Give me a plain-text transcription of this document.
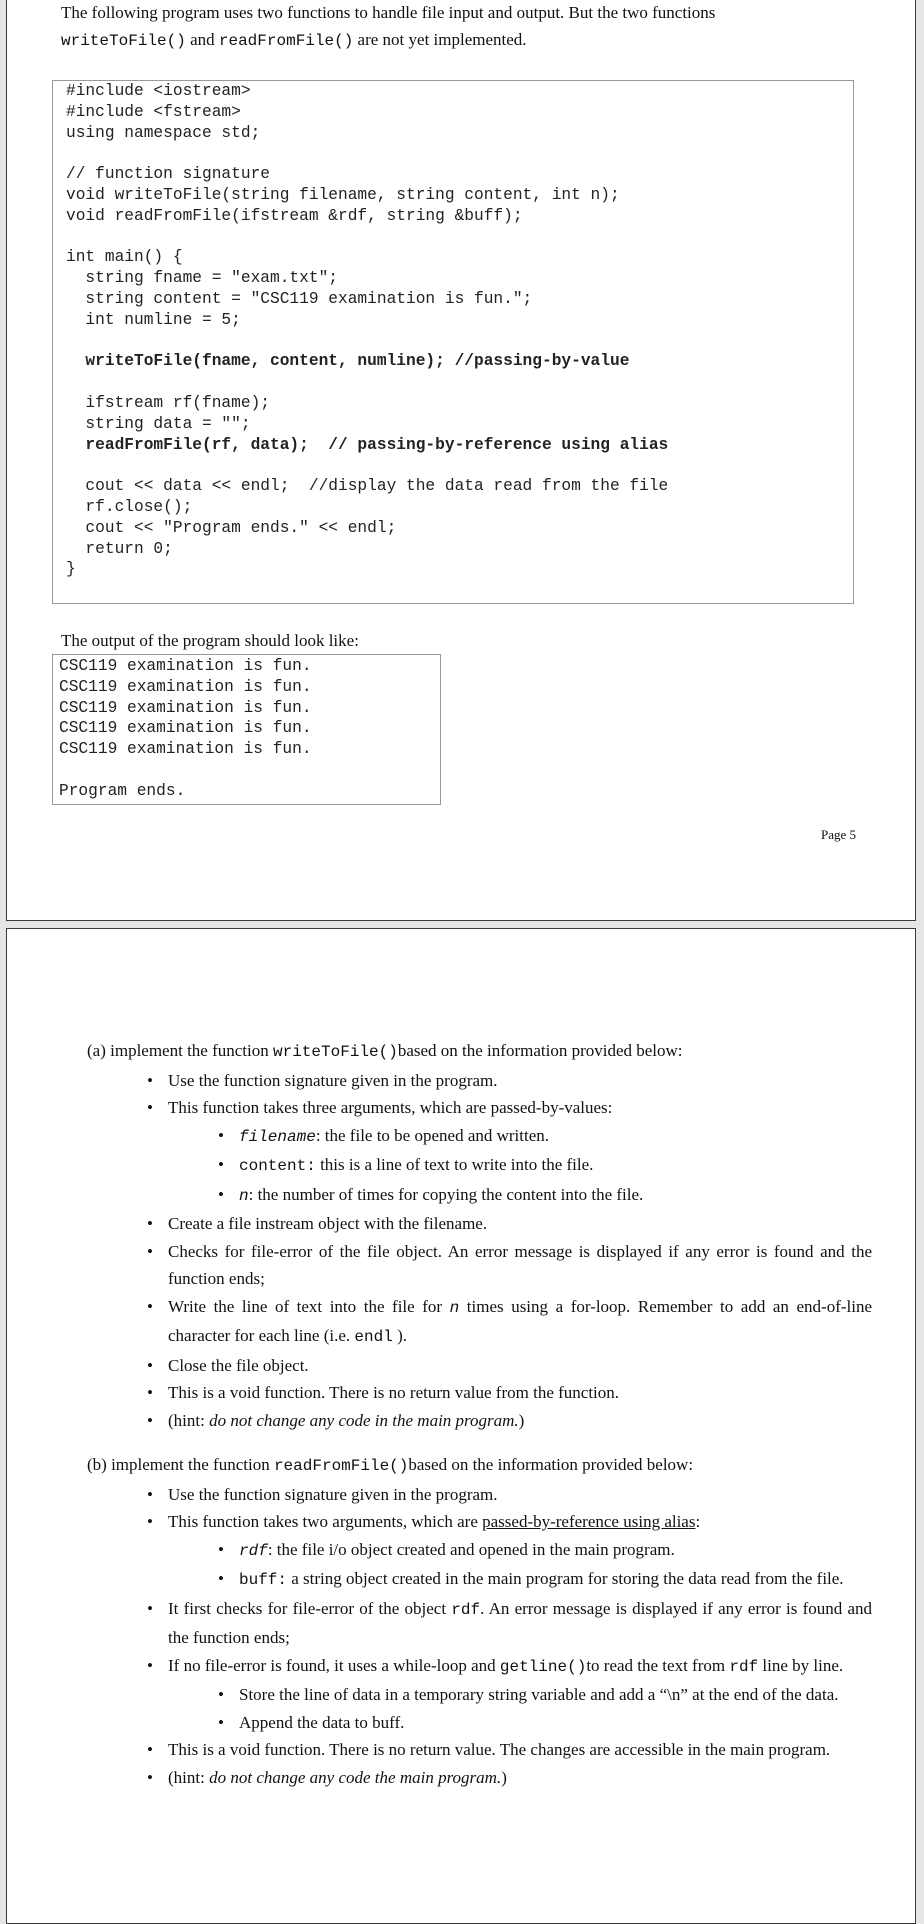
The following program uses two functions to handle file input and output. But the two functions
writeToFile() and readFromFile() are not yet implemented.

#include <iostream>
#include <fstream>
using namespace std;
// function signature
void writeToFile(string filename, string content, int n);
void readFromFile(ifstream &rdf, string &buff);
int main() {
string fname = "exam.txt";
string content = "CSC119 examination is fun.";
int numline = 5;
writeToFile(fname, content, numline); //passing-by-value
ifstream rf(fname);
string data = "";
readFromFile(rf, data);  // passing-by-reference using alias
cout << data << endl;  //display the data read from the file
rf.close();
cout << "Program ends." << endl;
return 0;
}
The output of the program should look like:
CSC119 examination is fun.
CSC119 examination is fun.
CSC119 examination is fun.
CSC119 examination is fun.
CSC119 examination is fun.
Program ends.
Page 5

(a) implement the function writeToFile()based on the information provided below:

• Use the function signature given in the program.
• This function takes three arguments, which are passed-by-values:
• filename: the file to be opened and written.
• content: this is a line of text to write into the file.
• n: the number of times for copying the content into the file.
• Create a file instream object with the filename.
• Checks for file-error of the file object. An error message is displayed if any error is found and the function ends;
• Write the line of text into the file for n times using a for-loop. Remember to add an end-of-line character for each line (i.e. endl ).
• Close the file object.
• This is a void function. There is no return value from the function.
• (hint: do not change any code in the main program.)

(b) implement the function readFromFile()based on the information provided below:

• Use the function signature given in the program.
• This function takes two arguments, which are passed-by-reference using alias:
• rdf: the file i/o object created and opened in the main program.
• buff: a string object created in the main program for storing the data read from the file.
• It first checks for file-error of the object rdf. An error message is displayed if any error is found and the function ends;
• If no file-error is found, it uses a while-loop and getline()to read the text from rdf line by line.
• Store the line of data in a temporary string variable and add a “\n” at the end of the data.
• Append the data to buff.
• This is a void function. There is no return value. The changes are accessible in the main program.
• (hint: do not change any code the main program.)
